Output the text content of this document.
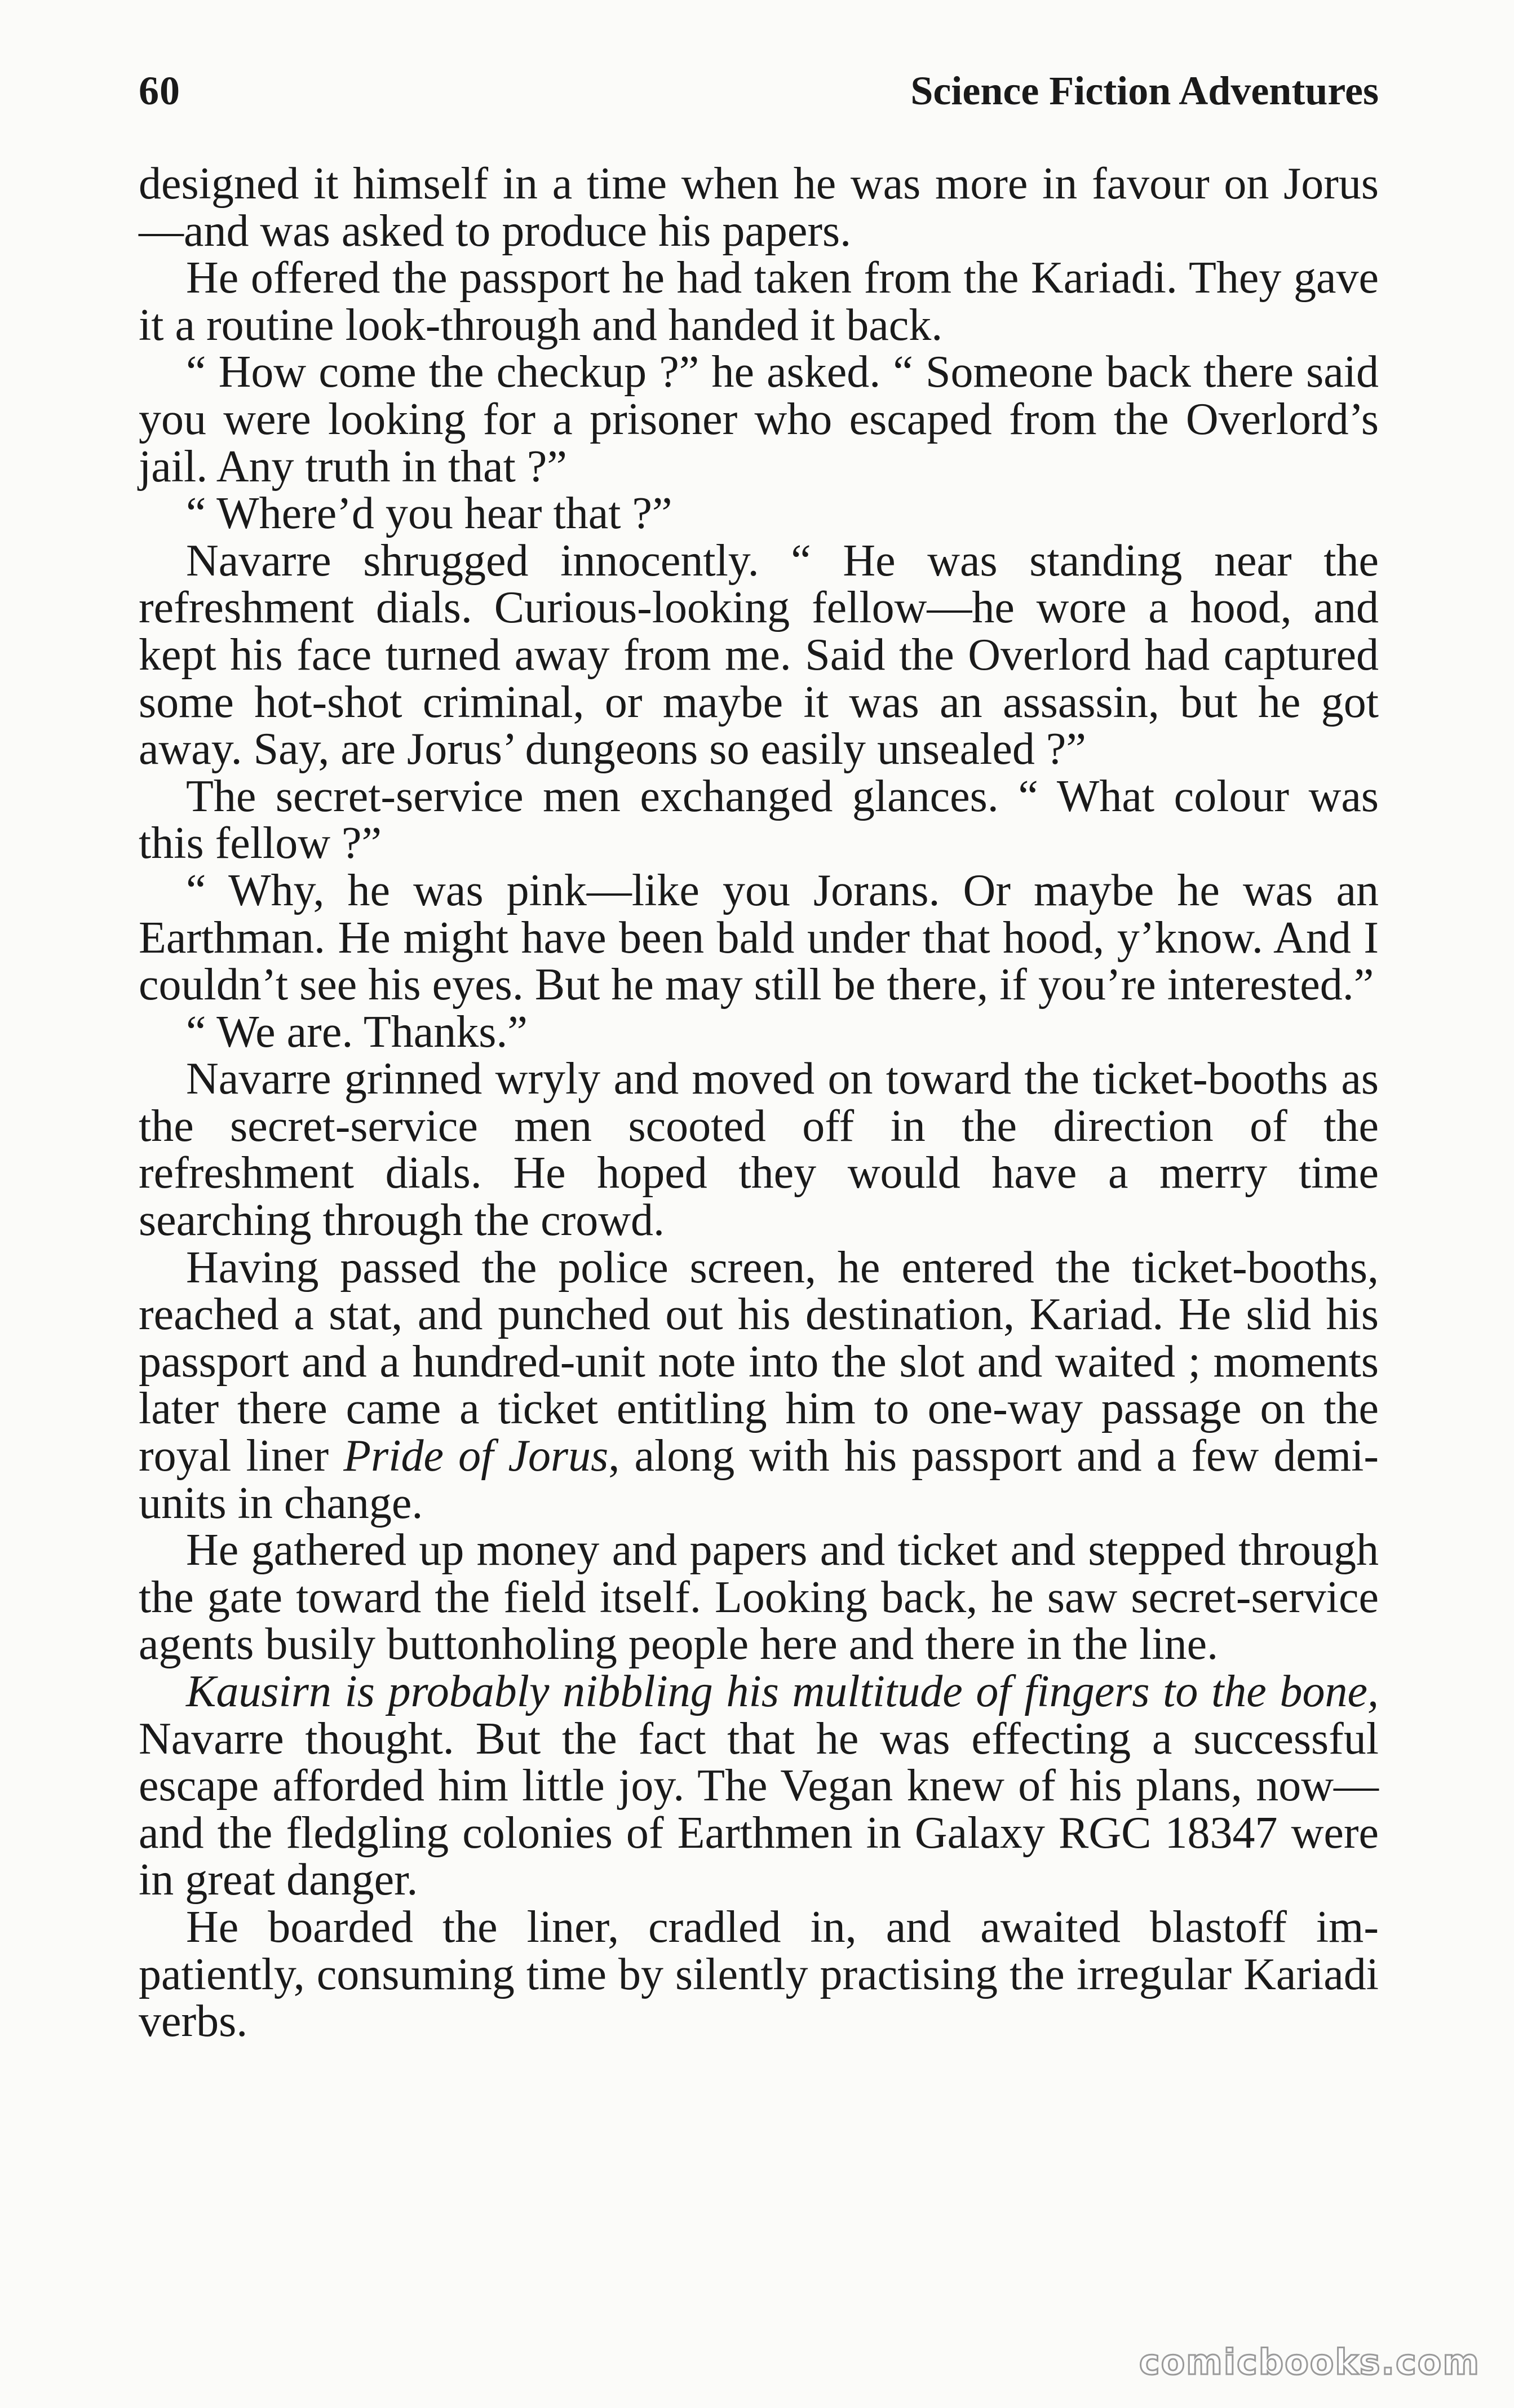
60	Science Fiction Adventures

designed it himself in a time when he was more in favour on Jorus—and was asked to produce his papers.

He offered the passport he had taken from the Kariadi. They gave it a routine look-through and handed it back.

“ How come the checkup ?” he asked. “ Someone back there said you were looking for a prisoner who escaped from the Overlord’s jail. Any truth in that ?”

“ Where’d you hear that ?”

Navarre shrugged innocently. “ He was standing near the refreshment dials. Curious-looking fellow—he wore a hood, and kept his face turned away from me. Said the Overlord had captured some hot-shot criminal, or maybe it was an assassin, but he got away. Say, are Jorus’ dungeons so easily unsealed ?”

The secret-service men exchanged glances. “ What colour was this fellow ?”

“ Why, he was pink—like you Jorans. Or maybe he was an Earthman. He might have been bald under that hood, y’know. And I couldn’t see his eyes. But he may still be there, if you’re interested.”

“ We are. Thanks.”

Navarre grinned wryly and moved on toward the ticket-booths as the secret-service men scooted off in the direction of the refreshment dials. He hoped they would have a merry time searching through the crowd.

Having passed the police screen, he entered the ticket-booths, reached a stat, and punched out his destination, Kariad. He slid his passport and a hundred-unit note into the slot and waited ; moments later there came a ticket entitling him to one-way passage on the royal liner Pride of Jorus, along with his passport and a few demi-units in change.

He gathered up money and papers and ticket and stepped through the gate toward the field itself. Looking back, he saw secret-service agents busily buttonholing people here and there in the line.

Kausirn is probably nibbling his multitude of fingers to the bone, Navarre thought. But the fact that he was effecting a successful escape afforded him little joy. The Vegan knew of his plans, now—and the fledgling colonies of Earthmen in Galaxy RGC 18347 were in great danger.

He boarded the liner, cradled in, and awaited blastoff im-patiently, consuming time by silently practising the irregular Kariadi verbs.

comicbooks.com
